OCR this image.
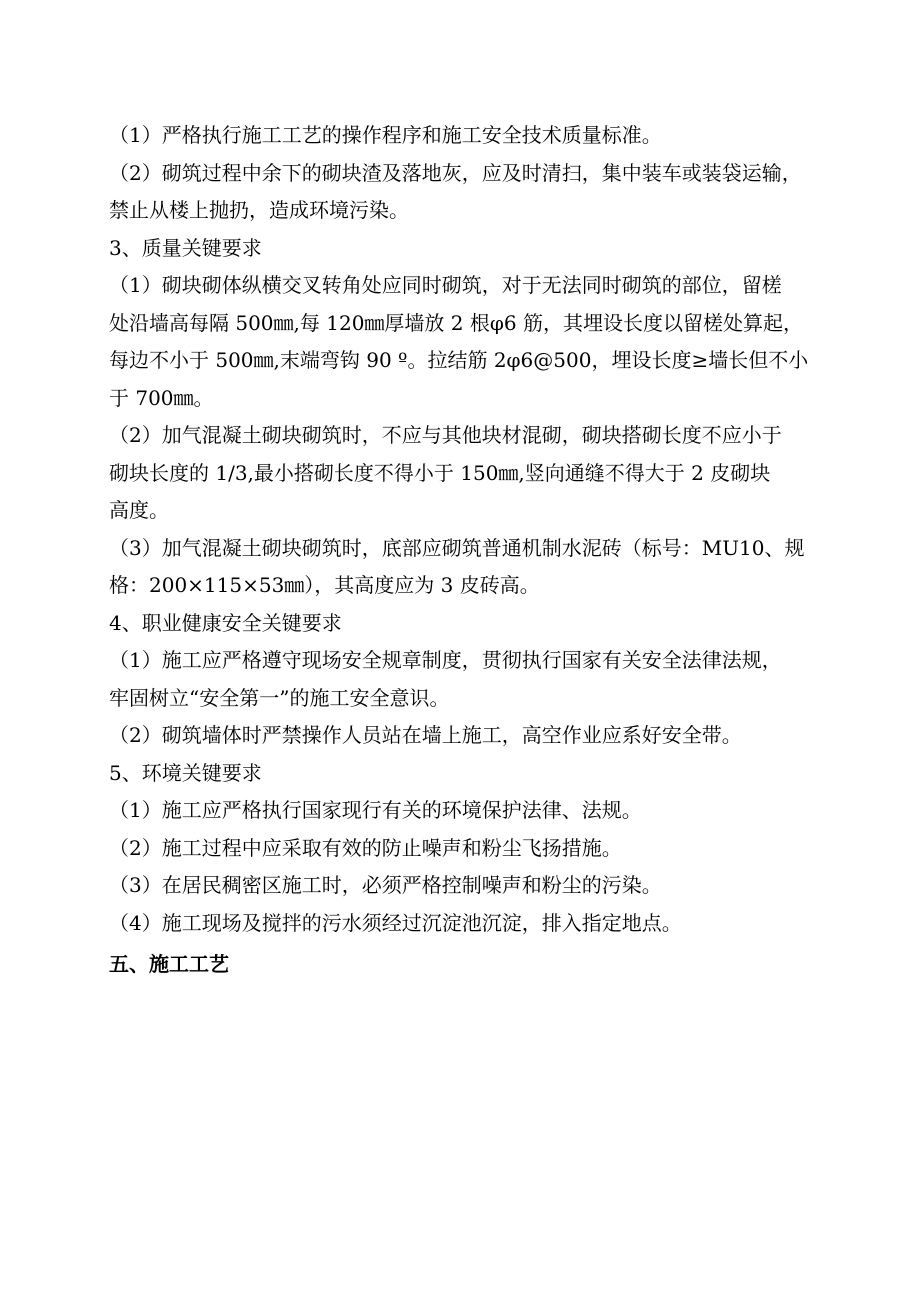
（1）严格执行施工工艺的操作程序和施工安全技术质量标准。
（2）砌筑过程中余下的砌块渣及落地灰，应及时清扫，集中装车或装袋运输，
禁止从楼上抛扔，造成环境污染。
3、质量关键要求
（1）砌块砌体纵横交叉转角处应同时砌筑，对于无法同时砌筑的部位，留槎
处沿墙高每隔 500㎜,每 120㎜厚墙放 2 根φ6 筋，其埋设长度以留槎处算起，
每边不小于 500㎜,末端弯钩 90 º。拉结筋 2φ6@500，埋设长度≥墙长但不小
于 700㎜。
（2）加气混凝土砌块砌筑时，不应与其他块材混砌，砌块搭砌长度不应小于
砌块长度的 1/3,最小搭砌长度不得小于 150㎜,竖向通缝不得大于 2 皮砌块
高度。
（3）加气混凝土砌块砌筑时，底部应砌筑普通机制水泥砖（标号：MU10、规
格：200×115×53㎜），其高度应为 3 皮砖高。
4、职业健康安全关键要求
（1）施工应严格遵守现场安全规章制度，贯彻执行国家有关安全法律法规，
牢固树立“安全第一”的施工安全意识。
（2）砌筑墙体时严禁操作人员站在墙上施工，高空作业应系好安全带。
5、环境关键要求
（1）施工应严格执行国家现行有关的环境保护法律、法规。
（2）施工过程中应采取有效的防止噪声和粉尘飞扬措施。
（3）在居民稠密区施工时，必须严格控制噪声和粉尘的污染。
（4）施工现场及搅拌的污水须经过沉淀池沉淀，排入指定地点。
五、施工工艺
